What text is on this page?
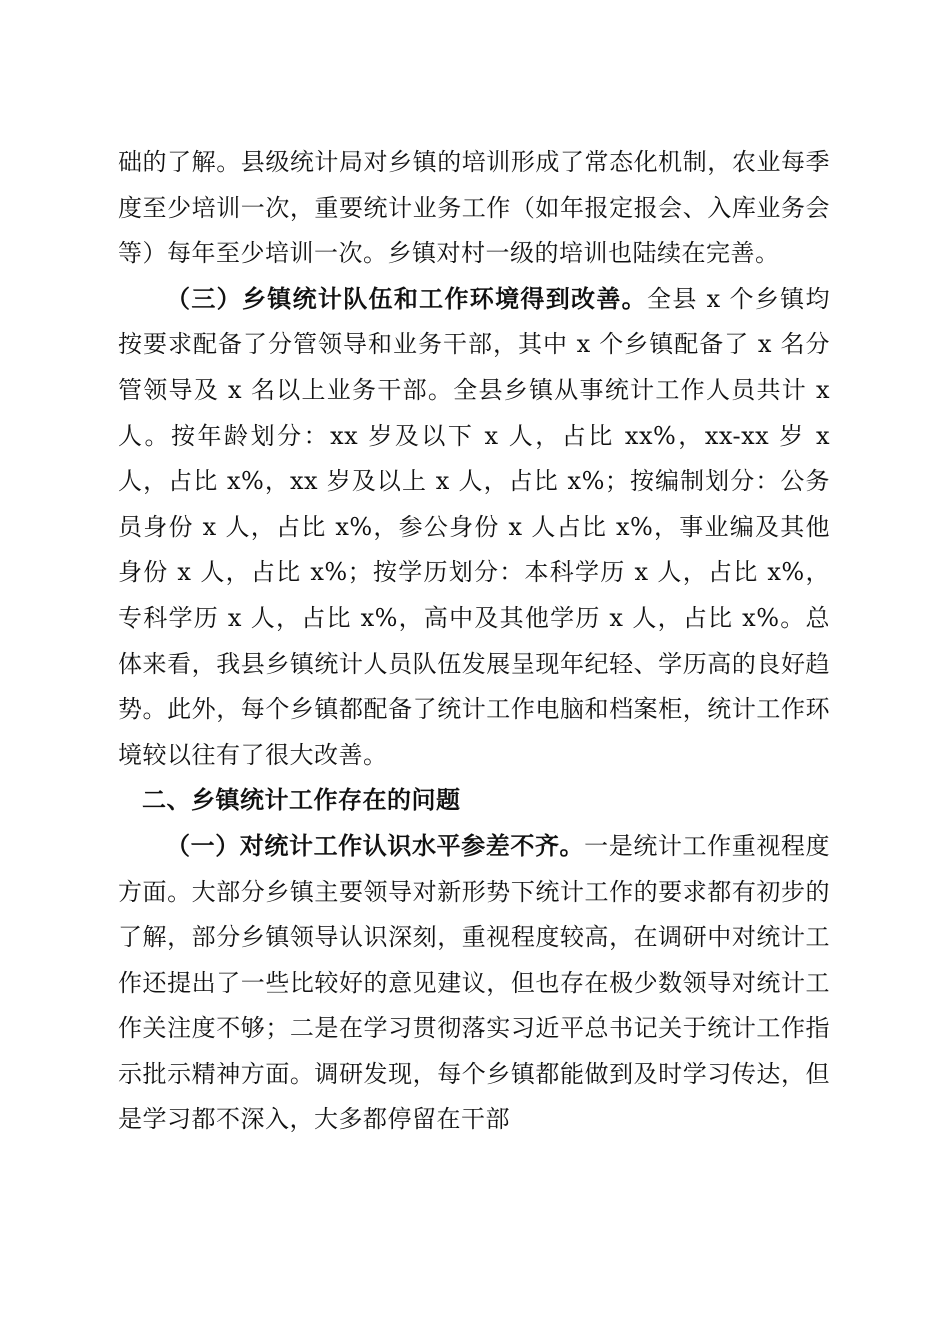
础的了解。县级统计局对乡镇的培训形成了常态化机制，农业每季度至少培训一次，重要统计业务工作（如年报定报会、入库业务会等）每年至少培训一次。乡镇对村一级的培训也陆续在完善。

（三）乡镇统计队伍和工作环境得到改善。全县 x 个乡镇均按要求配备了分管领导和业务干部，其中 x 个乡镇配备了 x 名分管领导及 x 名以上业务干部。全县乡镇从事统计工作人员共计 x 人。按年龄划分：xx 岁及以下 x 人，占比 xx%，xx-xx 岁 x 人，占比 x%，xx 岁及以上 x 人，占比 x%；按编制划分：公务员身份 x 人，占比 x%，参公身份 x 人占比 x%，事业编及其他身份 x 人，占比 x%；按学历划分：本科学历 x 人，占比 x%，专科学历 x 人，占比 x%，高中及其他学历 x 人，占比 x%。总体来看，我县乡镇统计人员队伍发展呈现年纪轻、学历高的良好趋势。此外，每个乡镇都配备了统计工作电脑和档案柜，统计工作环境较以往有了很大改善。

二、乡镇统计工作存在的问题

（一）对统计工作认识水平参差不齐。一是统计工作重视程度方面。大部分乡镇主要领导对新形势下统计工作的要求都有初步的了解，部分乡镇领导认识深刻，重视程度较高，在调研中对统计工作还提出了一些比较好的意见建议，但也存在极少数领导对统计工作关注度不够；二是在学习贯彻落实习近平总书记关于统计工作指示批示精神方面。调研发现，每个乡镇都能做到及时学习传达，但是学习都不深入，大多都停留在干部
